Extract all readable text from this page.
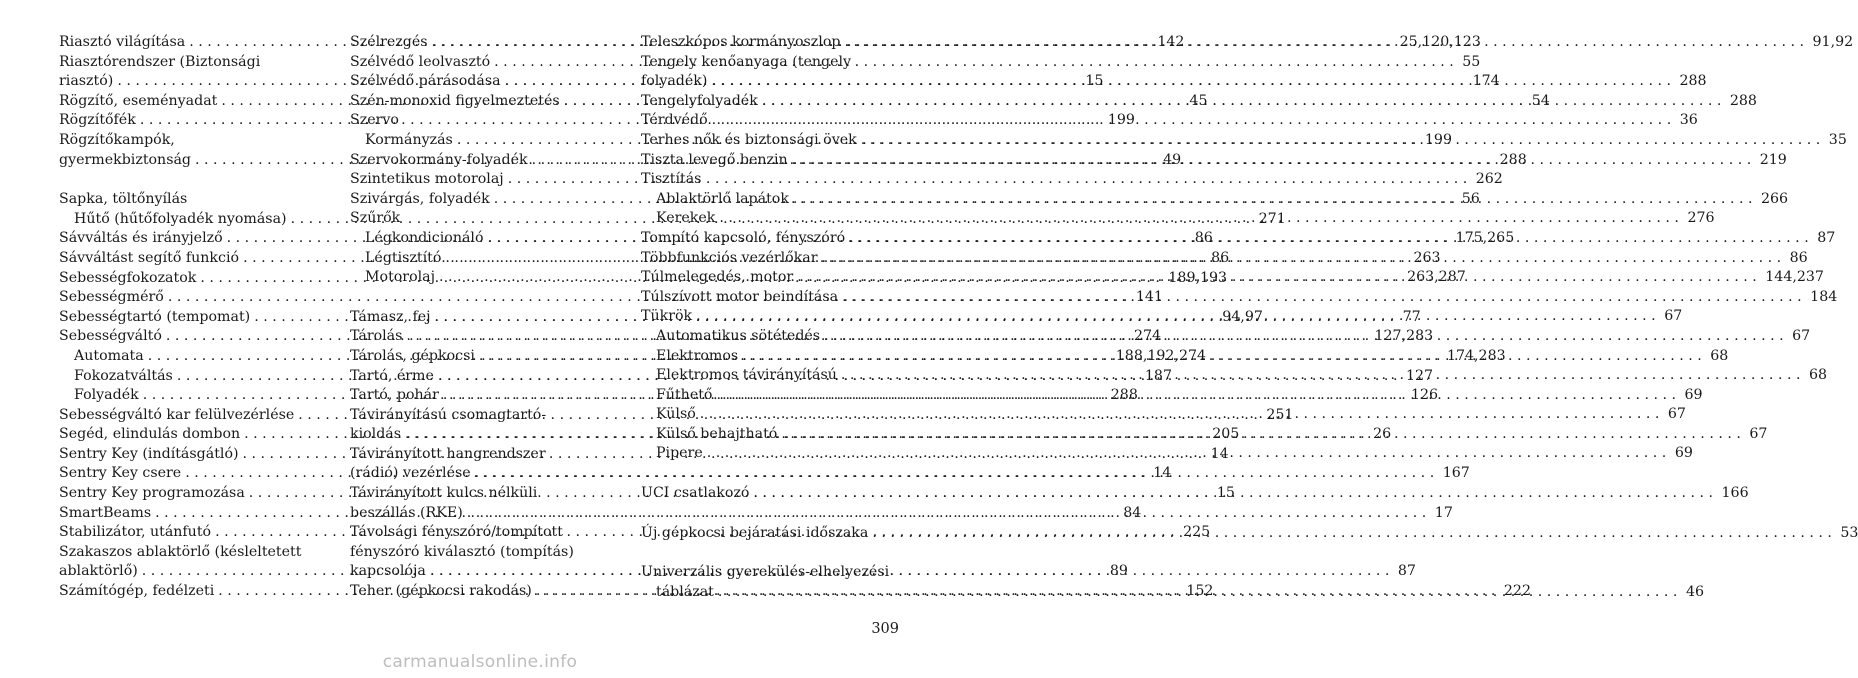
Riasztó világítása .....	142
Riasztórendszer (Biztonsági
riasztó) .....	15
Rögzítő, eseményadat .....	45
Rögzítőfék .....	199
Rögzítőkampók,
gyermekbiztonság .....	49
Sapka, töltőnyílás
Hűtő (hűtőfolyadék nyomása) .....	271
Sávváltás és irányjelző .....	86
Sávváltást segítő funkció .....	86
Sebességfokozatok .....	189,193
Sebességmérő .....	141
Sebességtartó (tempomat) .....	94,97
Sebességváltó .....	274
Automata .....	188,192,274
Fokozatváltás .....	187
Folyadék .....	288
Sebességváltó kar felülvezérlése .....	251
Segéd, elindulás dombon .....	205
Sentry Key (indításgátló) .....	14
Sentry Key csere .....	14
Sentry Key programozása .....	15
SmartBeams .....	84
Stabilizátor, utánfutó .....	225
Szakaszos ablaktörlő (késleltetett
ablaktörlő) .....	89
Számítógép, fedélzeti .....	152
Szélrezgés .....	25,120,123
Szélvédő leolvasztó .....	55
Szélvédő párásodása .....	174
Szén-monoxid figyelmeztetés .....	54
Szervo
Kormányzás .....	199
Szervokormány-folyadék .....	288
Szintetikus motorolaj .....	262
Szivárgás, folyadék .....	56
Szűrők
Légkondicionáló .....	175,265
Légtisztító .....	263
Motorolaj .....	263,287
Támasz, fej .....	77
Tárolás .....	127,283
Tárolás, gépkocsi .....	174,283
Tartó, érme .....	127
Tartó, pohár .....	126
Távirányítású csomagtartó-
kioldás .....	26
Távirányított hangrendszer
(rádió) vezérlése .....	167
Távirányított kulcs nélküli
beszállás (RKE) .....	17
Távolsági fényszóró/tompított
fényszóró kiválasztó (tompítás)
kapcsolója .....	87
Teher (gépkocsi rakodás) .....	222
Teleszkópos kormányoszlop .....	91,92
Tengely kenőanyaga (tengely
folyadék) .....	288
Tengelyfolyadék .....	288
Térdvédő .....	36
Terhes nők és biztonsági övek .....	35
Tiszta levegő benzin .....	219
Tisztítás
Ablaktörlő lapátok .....	266
Kerekek .....	276
Tompító kapcsoló, fényszóró .....	87
Többfunkciós vezérlőkar .....	86
Túlmelegedés, motor .....	144,237
Túlszívott motor beindítása .....	184
Tükrök .....	67
Automatikus sötétedés .....	67
Elektromos .....	68
Elektromos távirányítású .....	68
Fűthető .....	69
Külső .....	67
Külső behajtható .....	67
Pipere .....	69
UCI csatlakozó .....	166
Új gépkocsi bejáratási időszaka .....	53
Univerzális gyerekülés-elhelyezési
táblázat .....	46
309
carmanualsonline.info
